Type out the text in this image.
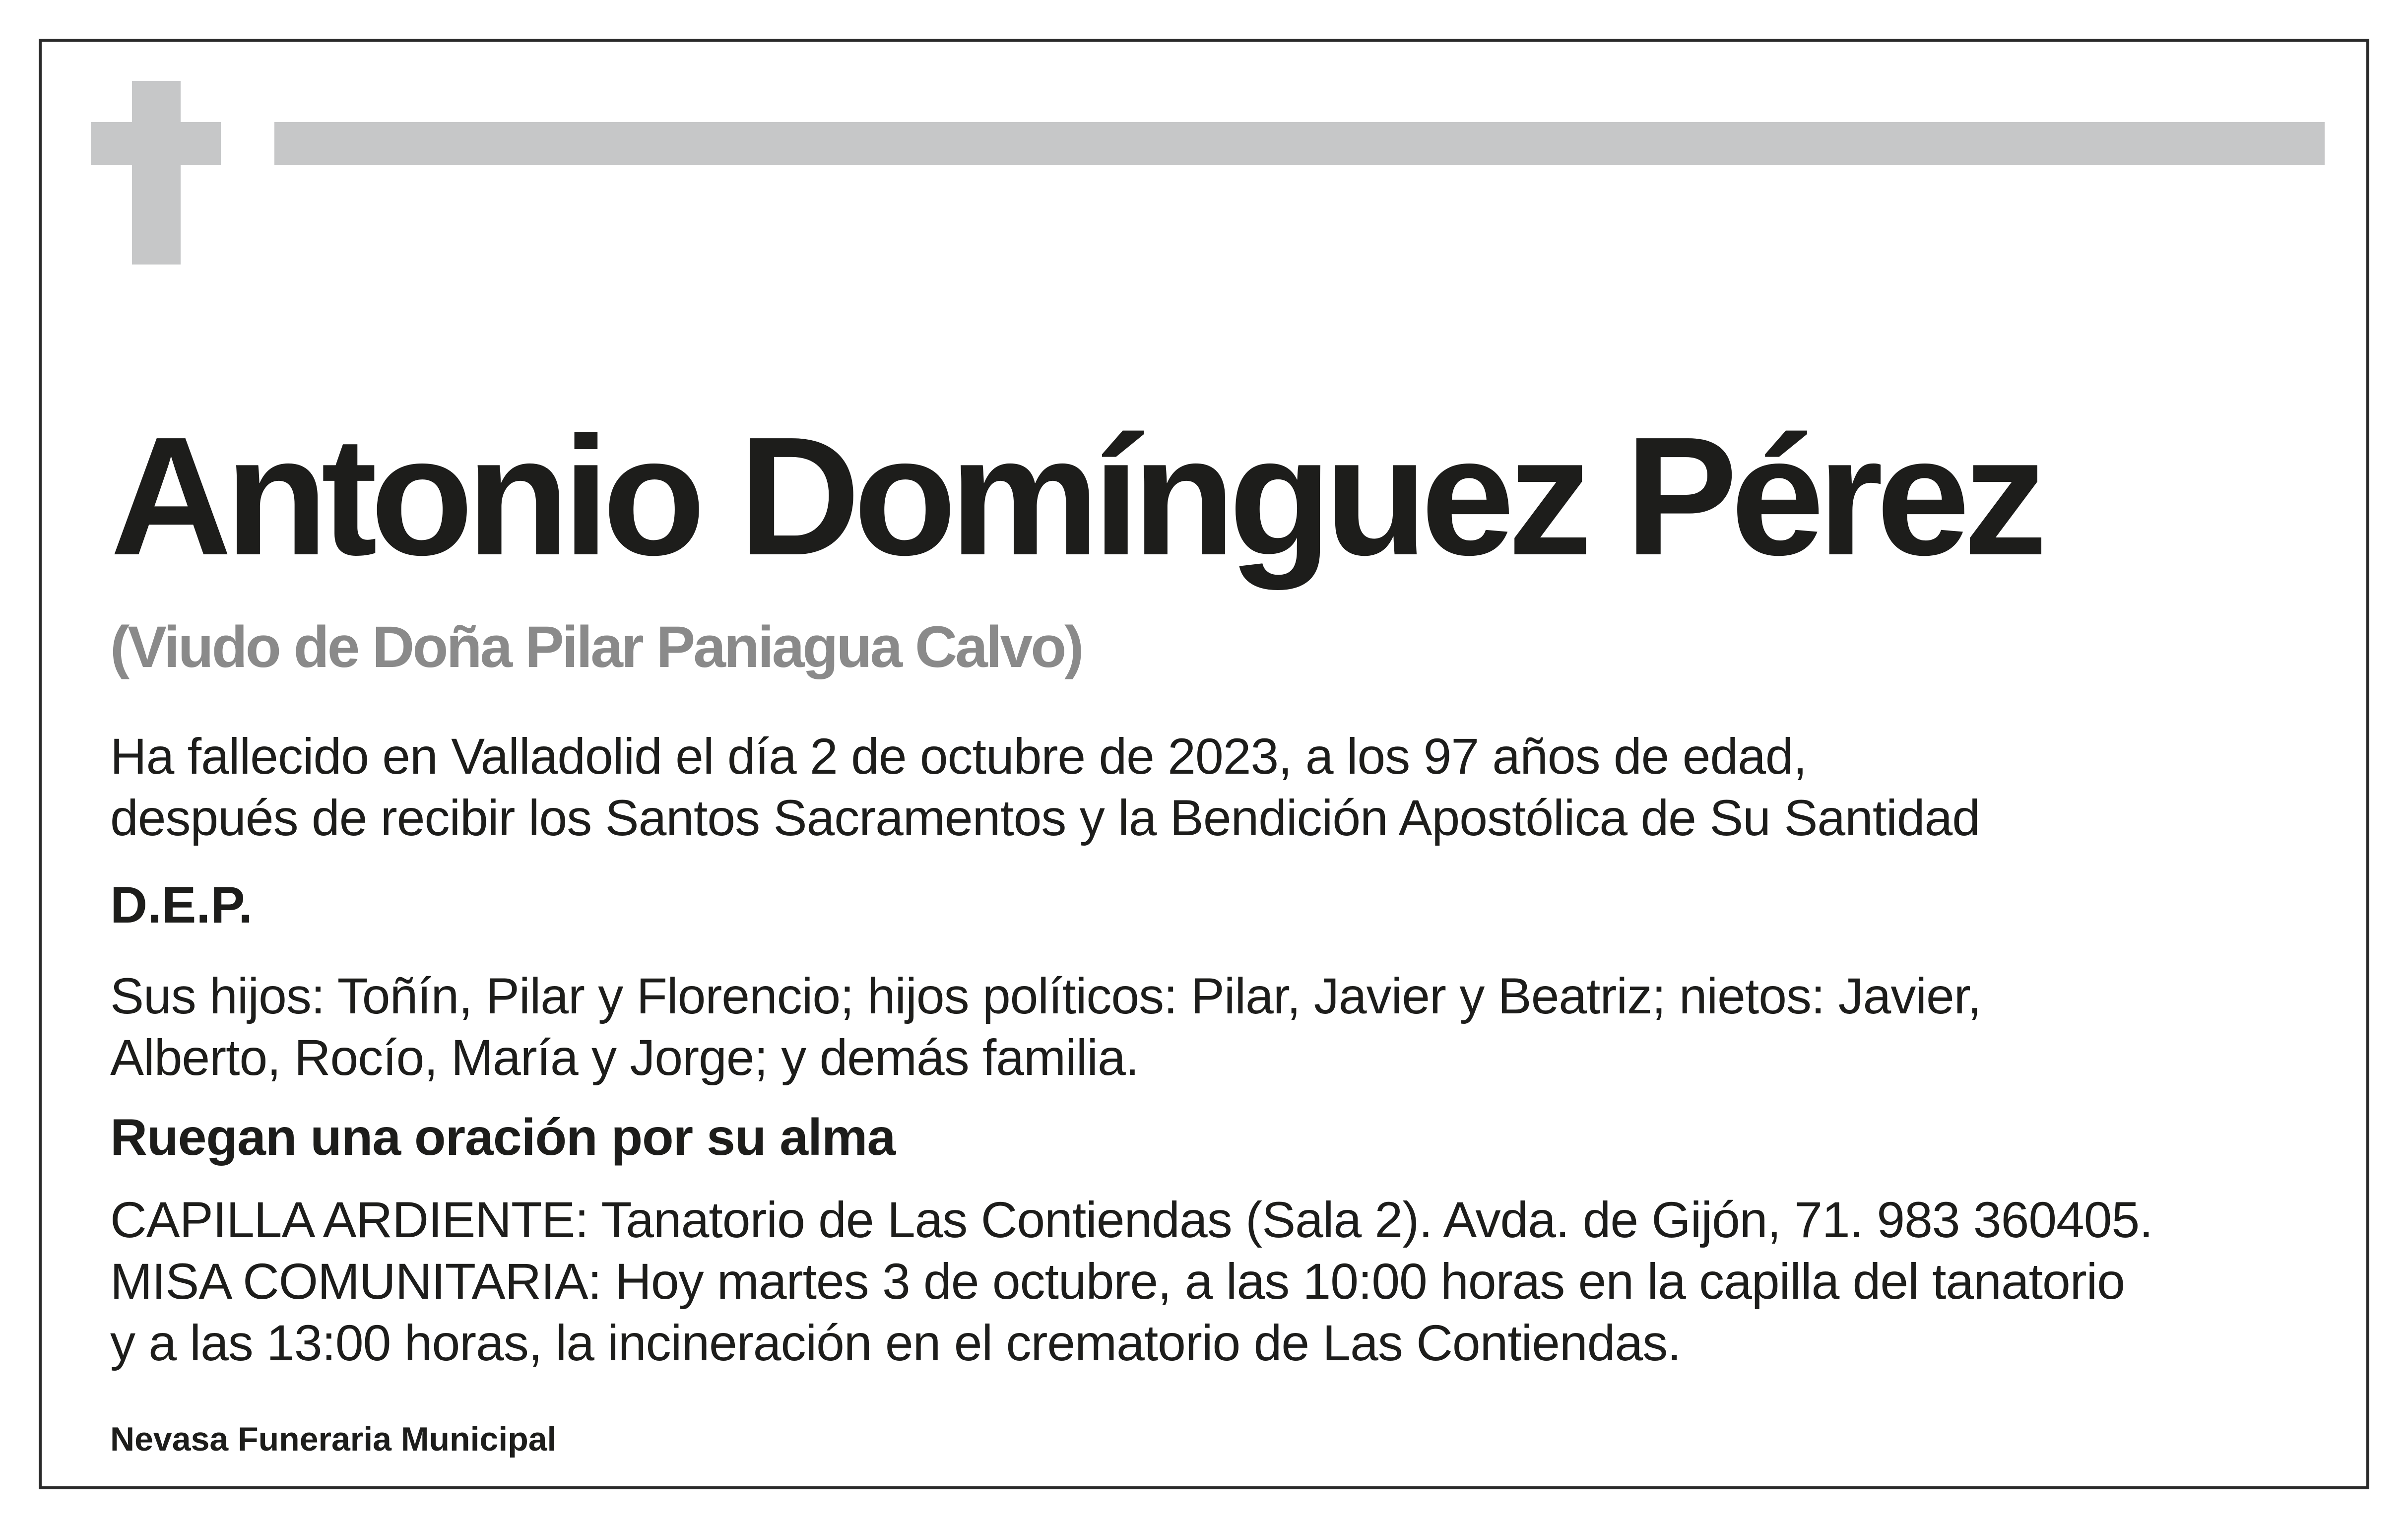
Antonio Domínguez Pérez
(Viudo de Doña Pilar Paniagua Calvo)
Ha fallecido en Valladolid el día 2 de octubre de 2023, a los 97 años de edad,
después de recibir los Santos Sacramentos y la Bendición Apostólica de Su Santidad
D.E.P.
Sus hijos: Toñín, Pilar y Florencio; hijos políticos: Pilar, Javier y Beatriz; nietos: Javier,
Alberto, Rocío, María y Jorge; y demás familia.
Ruegan una oración por su alma
CAPILLA ARDIENTE: Tanatorio de Las Contiendas (Sala 2). Avda. de Gijón, 71. 983 360405.
MISA COMUNITARIA: Hoy martes 3 de octubre, a las 10:00 horas en la capilla del tanatorio
y a las 13:00 horas, la incineración en el crematorio de Las Contiendas.
Nevasa Funeraria Municipal
